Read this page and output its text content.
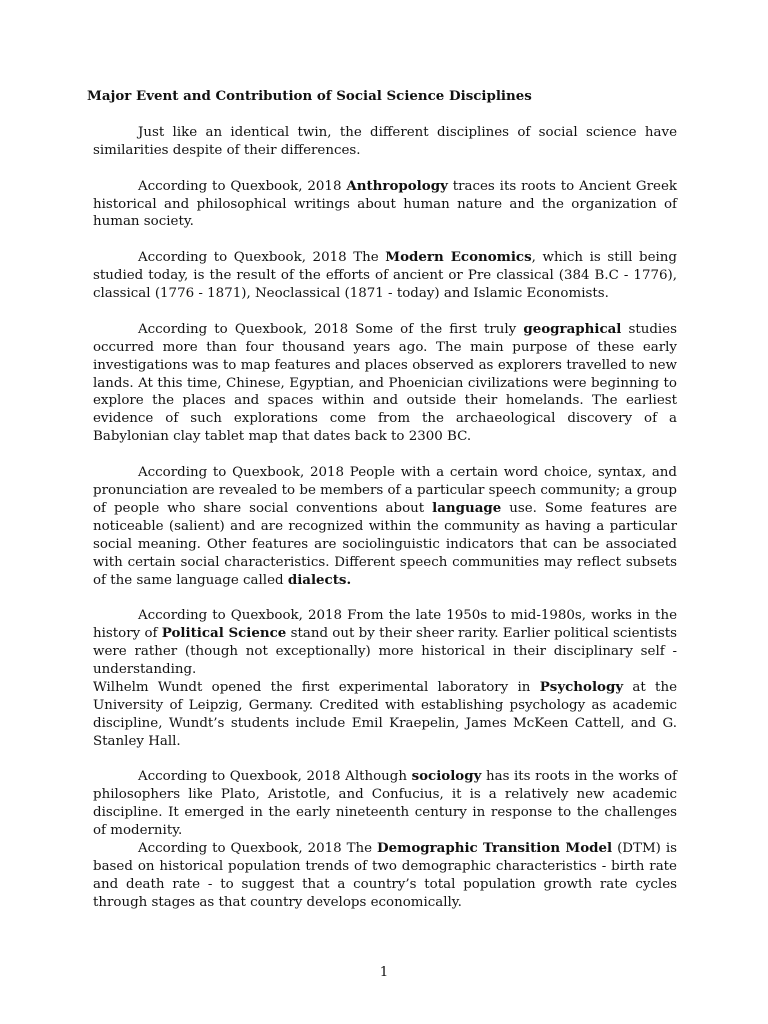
Major Event and Contribution of Social Science Disciplines

Just like an identical twin, the different disciplines of social science have similarities despite of their differences.

According to Quexbook, 2018 Anthropology traces its roots to Ancient Greek historical and philosophical writings about human nature and the organization of human society.

According to Quexbook, 2018 The Modern Economics, which is still being studied today, is the result of the efforts of ancient or Pre classical (384 B.C - 1776), classical (1776 - 1871), Neoclassical (1871 - today) and Islamic Economists.

According to Quexbook, 2018 Some of the first truly geographical studies occurred more than four thousand years ago. The main purpose of these early investigations was to map features and places observed as explorers travelled to new lands. At this time, Chinese, Egyptian, and Phoenician civilizations were beginning to explore the places and spaces within and outside their homelands. The earliest evidence of such explorations come from the archaeological discovery of a Babylonian clay tablet map that dates back to 2300 BC.

According to Quexbook, 2018 People with a certain word choice, syntax, and pronunciation are revealed to be members of a particular speech community; a group of people who share social conventions about language use. Some features are noticeable (salient) and are recognized within the community as having a particular social meaning. Other features are sociolinguistic indicators that can be associated with certain social characteristics. Different speech communities may reflect subsets of the same language called dialects.

According to Quexbook, 2018 From the late 1950s to mid-1980s, works in the history of Political Science stand out by their sheer rarity. Earlier political scientists were rather (though not exceptionally) more historical in their disciplinary self - understanding.

Wilhelm Wundt opened the first experimental laboratory in Psychology at the University of Leipzig, Germany. Credited with establishing psychology as academic discipline, Wundt’s students include Emil Kraepelin, James McKeen Cattell, and G. Stanley Hall.

According to Quexbook, 2018 Although sociology has its roots in the works of philosophers like Plato, Aristotle, and Confucius, it is a relatively new academic discipline. It emerged in the early nineteenth century in response to the challenges of modernity.

According to Quexbook, 2018 The Demographic Transition Model (DTM) is based on historical population trends of two demographic characteristics - birth rate and death rate - to suggest that a country’s total population growth rate cycles through stages as that country develops economically.

1
